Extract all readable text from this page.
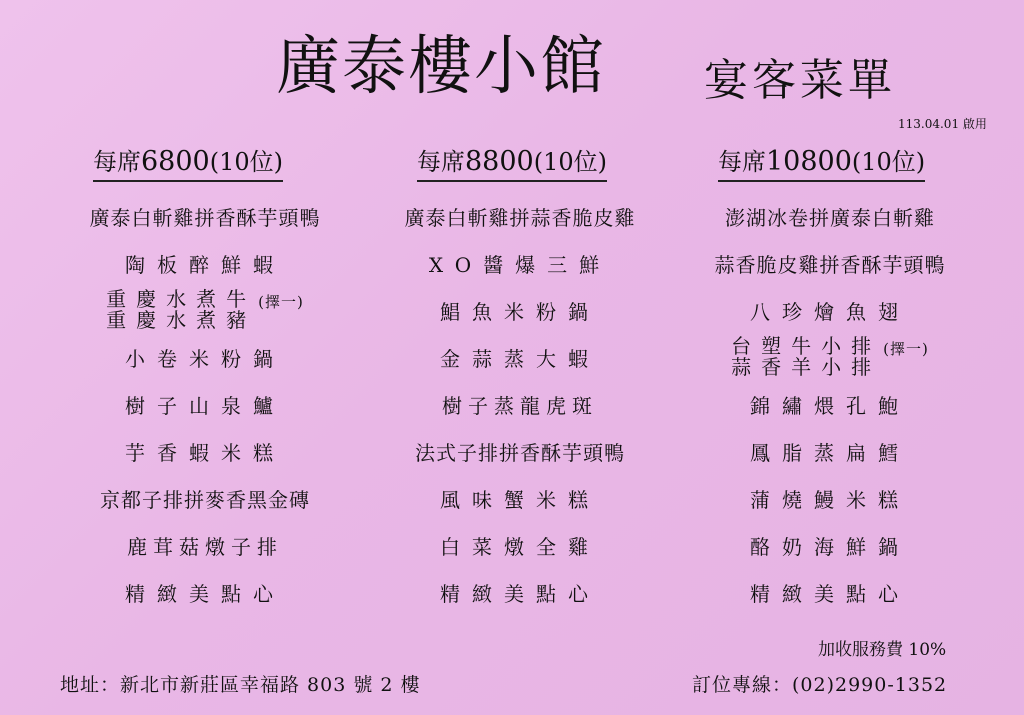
廣泰樓小館 宴客菜單
113.04.01 啟用
每席6800(10位)
廣泰白斬雞拼香酥芋頭鴨
陶板醉鮮蝦
重慶水煮牛
重慶水煮豬
(擇一)
小卷米粉鍋
樹子山泉鱸
芋香蝦米糕
京都子排拼麥香黑金磚
鹿茸菇燉子排
精緻美點心
每席8800(10位)
廣泰白斬雞拼蒜香脆皮雞
XO醬爆三鮮
鯧魚米粉鍋
金蒜蒸大蝦
樹子蒸龍虎斑
法式子排拼香酥芋頭鴨
風味蟹米糕
白菜燉全雞
精緻美點心
每席10800(10位)
澎湖冰卷拼廣泰白斬雞
蒜香脆皮雞拼香酥芋頭鴨
八珍燴魚翅
台塑牛小排
蒜香羊小排
(擇一)
錦繡煨孔鮑
鳳脂蒸扁鱈
蒲燒鰻米糕
酪奶海鮮鍋
精緻美點心
加收服務費 10%
地址：新北市新莊區幸福路 803 號 2 樓	訂位專線：(02)2990-1352
